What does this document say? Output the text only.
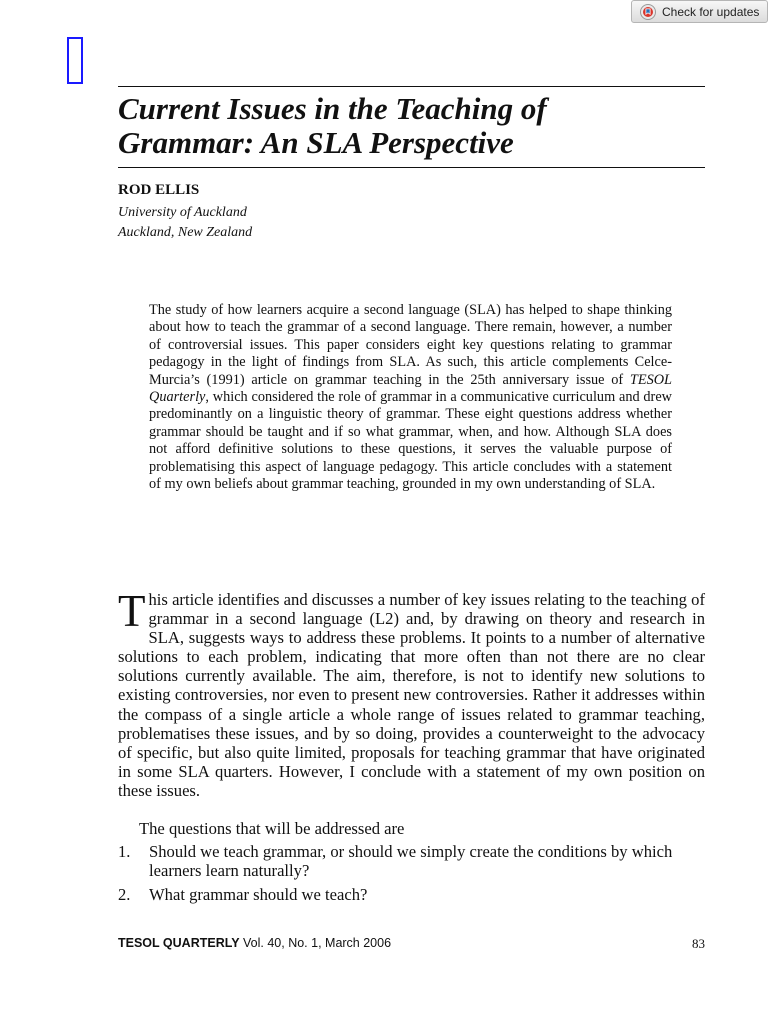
Check for updates
Current Issues in the Teaching of
Grammar: An SLA Perspective

ROD ELLIS

University of Auckland
Auckland, New Zealand

The study of how learners acquire a second language (SLA) has helped to shape thinking about how to teach the grammar of a second language. There remain, however, a number of controversial issues. This paper considers eight key questions relating to grammar pedagogy in the light of findings from SLA. As such, this article complements Celce-Murcia’s (1991) article on grammar teaching in the 25th anniversary issue of TESOL Quarterly, which considered the role of grammar in a communicative curriculum and drew predominantly on a linguistic theory of grammar. These eight questions address whether grammar should be taught and if so what grammar, when, and how. Although SLA does not afford definitive solutions to these questions, it serves the valuable purpose of problematising this aspect of language pedagogy. This article concludes with a statement of my own beliefs about grammar teaching, grounded in my own understanding of SLA.

This article identifies and discusses a number of key issues relating to the teaching of grammar in a second language (L2) and, by drawing on theory and research in SLA, suggests ways to address these problems. It points to a number of alternative solutions to each problem, indicating that more often than not there are no clear solutions currently available. The aim, therefore, is not to identify new solutions to existing controversies, nor even to present new controversies. Rather it addresses within the compass of a single article a whole range of issues related to grammar teaching, problematises these issues, and by so doing, provides a counterweight to the advocacy of specific, but also quite limited, proposals for teaching grammar that have originated in some SLA quarters. However, I conclude with a statement of my own position on these issues.

The questions that will be addressed are

1. Should we teach grammar, or should we simply create the conditions by which learners learn naturally?
2. What grammar should we teach?

TESOL QUARTERLY Vol. 40, No. 1, March 2006	83
